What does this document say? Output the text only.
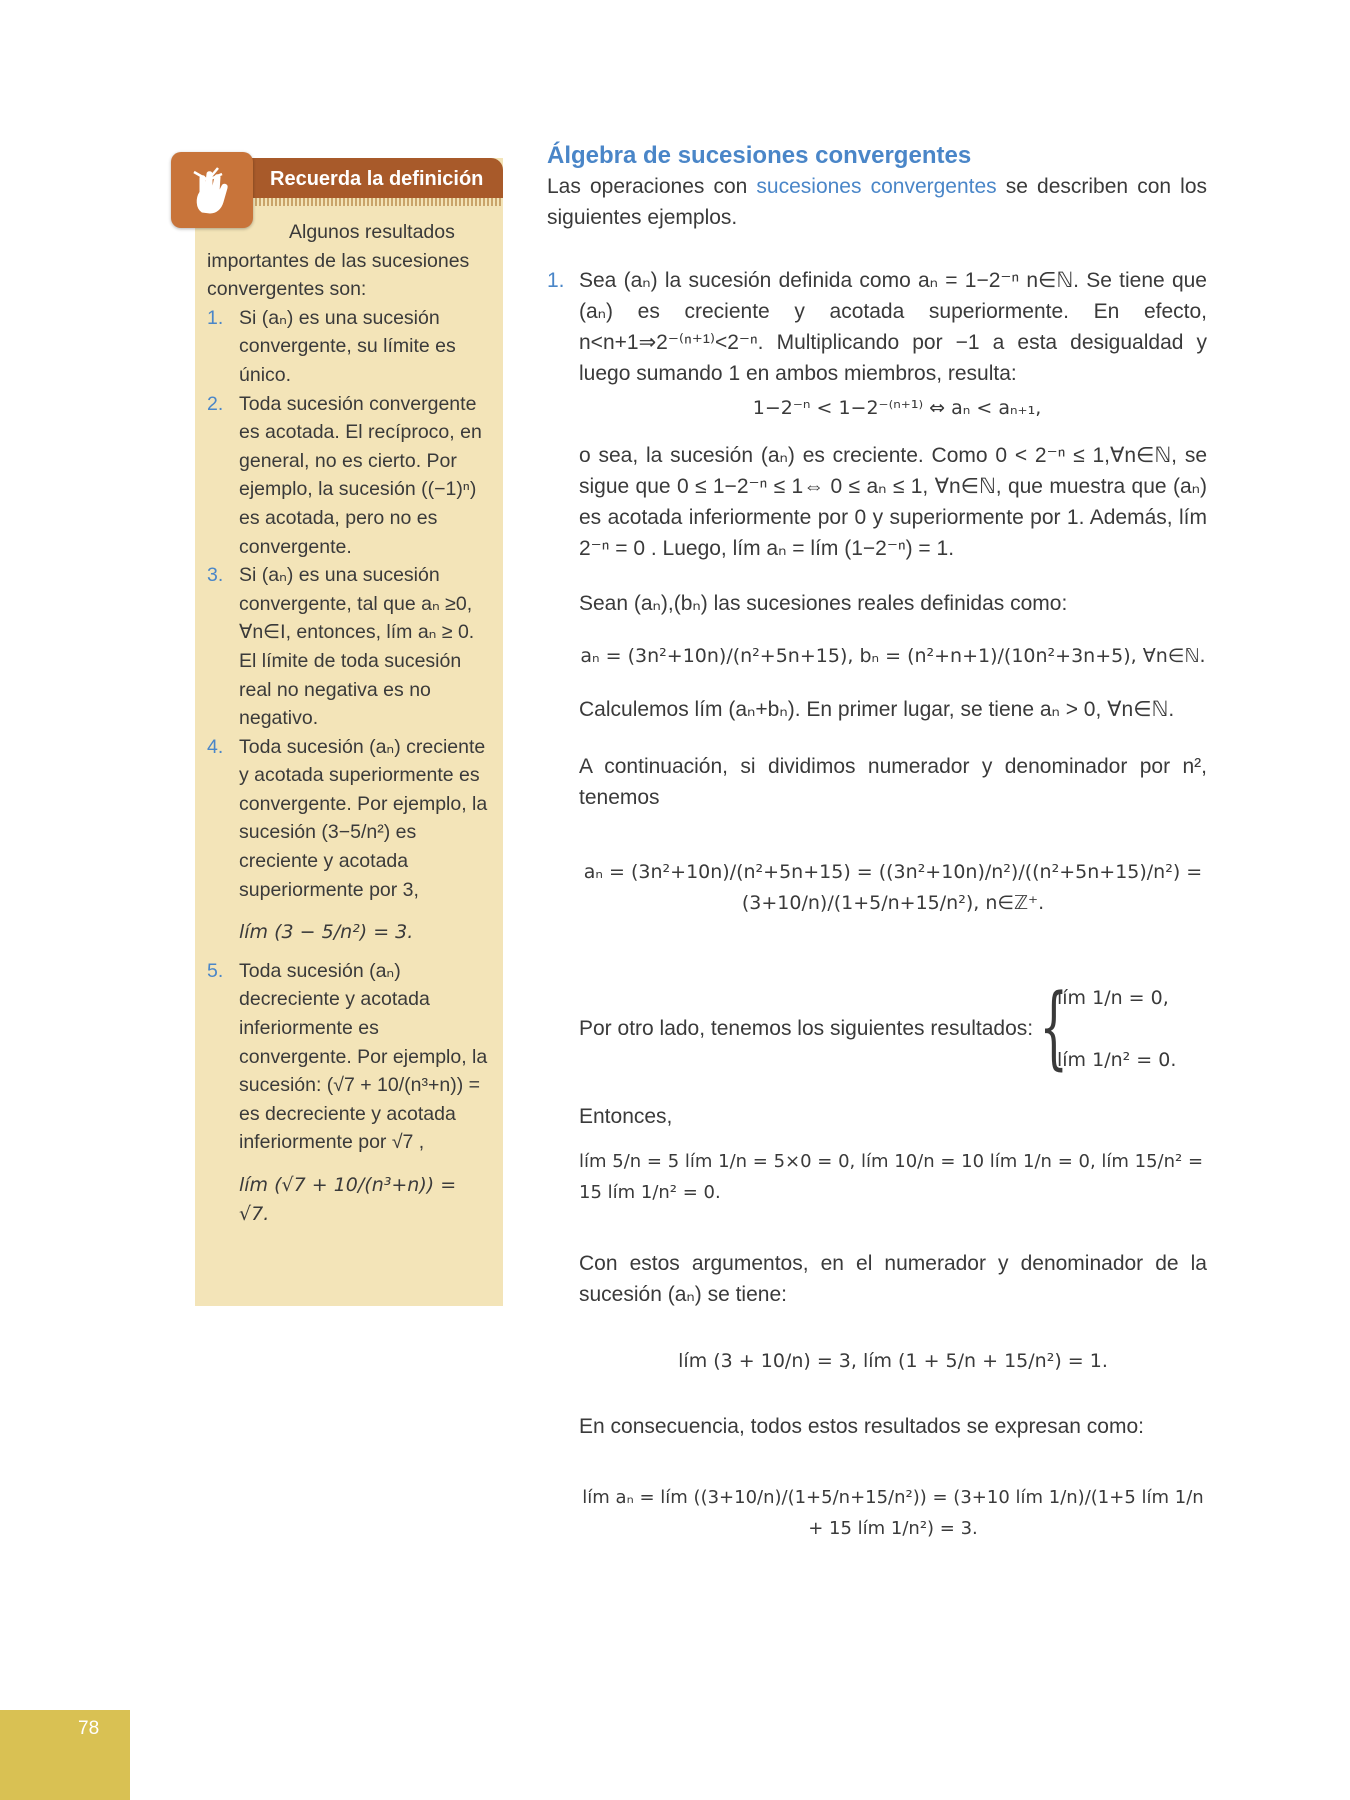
Recuerda la definición

Algunos resultados importantes de las sucesiones convergentes son:

1. Si (aₙ) es una sucesión convergente, su límite es único.

2. Toda sucesión convergente es acotada. El recíproco, en general, no es cierto. Por ejemplo, la sucesión ((−1)ⁿ) es acotada, pero no es convergente.

3. Si (aₙ) es una sucesión convergente, tal que aₙ ≥0, ∀n∈I, entonces, lím aₙ ≥ 0. El límite de toda sucesión real no negativa es no negativo.

4. Toda sucesión (aₙ) creciente y acotada superiormente es convergente. Por ejemplo, la sucesión (3−5/n²) es creciente y acotada superiormente por 3,

lím (3 − 5/n²) = 3.

5. Toda sucesión (aₙ) decreciente y acotada inferiormente es convergente. Por ejemplo, la sucesión: (√7 + 10/(n³+n)) = es decreciente y acotada inferiormente por √7 ,

lím (√7 + 10/(n³+n)) = √7.

Álgebra de sucesiones convergentes

Las operaciones con sucesiones convergentes se describen con los siguientes ejemplos.

1. Sea (aₙ) la sucesión definida como aₙ = 1−2⁻ⁿ n∈ℕ. Se tiene que (aₙ) es creciente y acotada superiormente. En efecto, n<n+1⇒2⁻⁽ⁿ⁺¹⁾<2⁻ⁿ. Multiplicando por −1 a esta desigualdad y luego sumando 1 en ambos miembros, resulta:

1−2⁻ⁿ < 1−2⁻⁽ⁿ⁺¹⁾ ⇔ aₙ < aₙ₊₁,

o sea, la sucesión (aₙ) es creciente. Como 0 < 2⁻ⁿ ≤ 1,∀n∈ℕ, se sigue que 0 ≤ 1−2⁻ⁿ ≤ 1⇔ 0 ≤ aₙ ≤ 1, ∀n∈ℕ, que muestra que (aₙ) es acotada inferiormente por 0 y superiormente por 1. Además, lím 2⁻ⁿ = 0 . Luego, lím aₙ = lím (1−2⁻ⁿ) = 1.

Sean (aₙ),(bₙ) las sucesiones reales definidas como:

aₙ = (3n²+10n)/(n²+5n+15), bₙ = (n²+n+1)/(10n²+3n+5), ∀n∈ℕ.

Calculemos lím (aₙ+bₙ). En primer lugar, se tiene aₙ > 0, ∀n∈ℕ.

A continuación, si dividimos numerador y denominador por n², tenemos

aₙ = (3n²+10n)/(n²+5n+15) = ((3n²+10n)/n²)/((n²+5n+15)/n²) = (3+10/n)/(1+5/n+15/n²), n∈ℤ⁺.

Por otro lado, tenemos los siguientes resultados: {
lím 1/n = 0,
lím 1/n² = 0.

Entonces,

lím 5/n = 5 lím 1/n = 5×0 = 0, lím 10/n = 10 lím 1/n = 0, lím 15/n² = 15 lím 1/n² = 0.

Con estos argumentos, en el numerador y denominador de la sucesión (aₙ) se tiene:

lím (3 + 10/n) = 3, lím (1 + 5/n + 15/n²) = 1.

En consecuencia, todos estos resultados se expresan como:

lím aₙ = lím ((3+10/n)/(1+5/n+15/n²)) = (3+10 lím 1/n)/(1+5 lím 1/n + 15 lím 1/n²) = 3.

78
